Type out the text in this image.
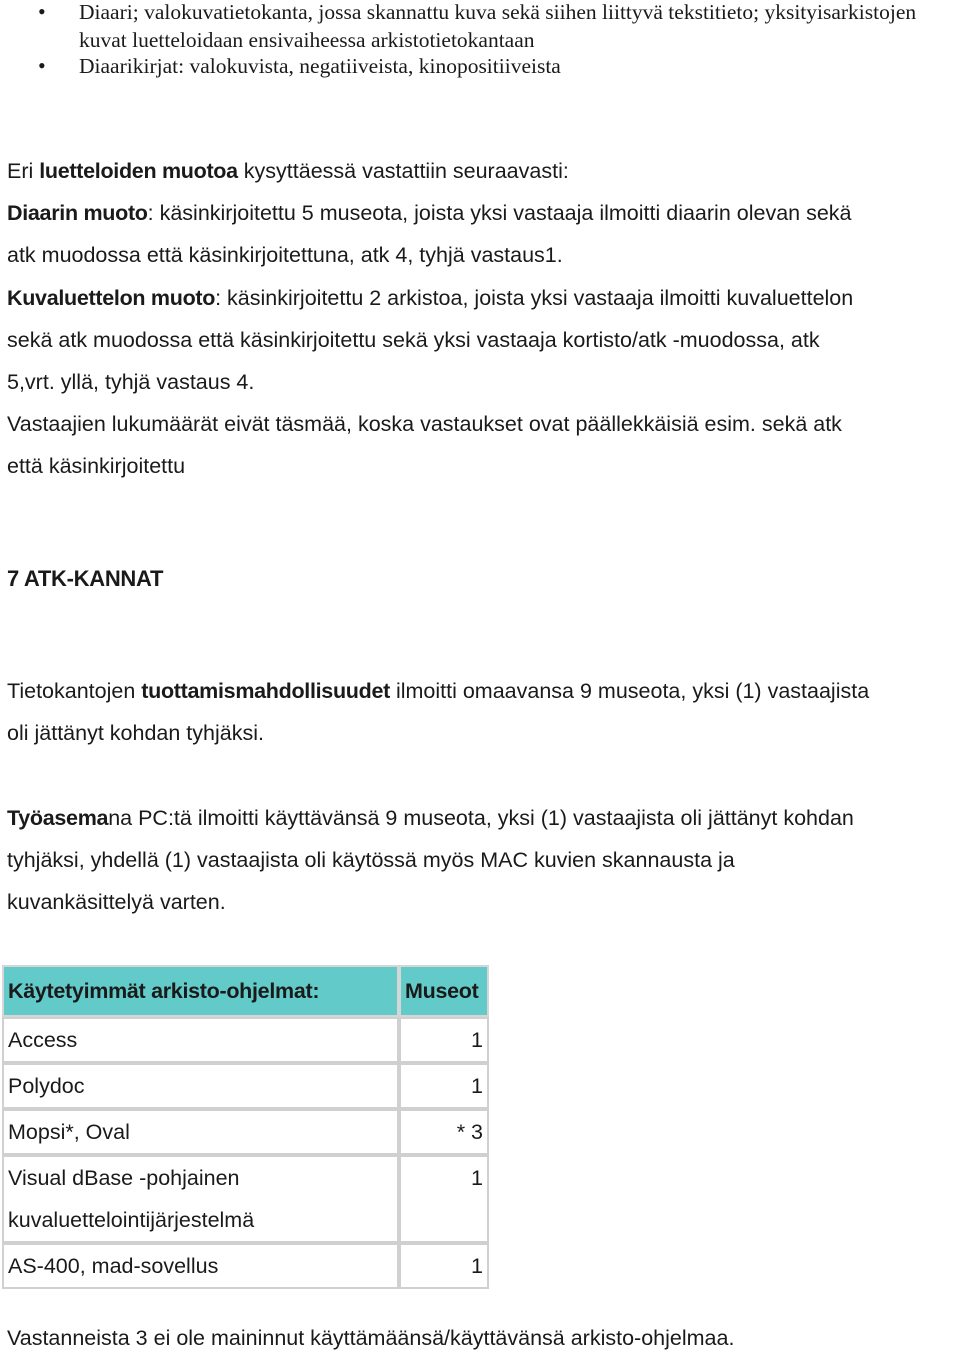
• Diaari; valokuvatietokanta, jossa skannattu kuva sekä siihen liittyvä tekstitieto; yksityisarkistojen kuvat luetteloidaan ensivaiheessa arkistotietokantaan
• Diaarikirjat: valokuvista, negatiiveista, kinopositiiveista

Eri luetteloiden muotoa kysyttäessä vastattiin seuraavasti:

Diaarin muoto: käsinkirjoitettu 5 museota, joista yksi vastaaja ilmoitti diaarin olevan sekä
atk muodossa että käsinkirjoitettuna, atk 4, tyhjä vastaus1.

Kuvaluettelon muoto: käsinkirjoitettu 2 arkistoa, joista yksi vastaaja ilmoitti kuvaluettelon
sekä atk muodossa että käsinkirjoitettu sekä yksi vastaaja kortisto/atk -muodossa, atk
5,vrt. yllä, tyhjä vastaus 4.

Vastaajien lukumäärät eivät täsmää, koska vastaukset ovat päällekkäisiä esim. sekä atk
että käsinkirjoitettu

7 ATK-KANNAT

Tietokantojen tuottamismahdollisuudet ilmoitti omaavansa 9 museota, yksi (1) vastaajista
oli jättänyt kohdan tyhjäksi.

Työasemana PC:tä ilmoitti käyttävänsä 9 museota, yksi (1) vastaajista oli jättänyt kohdan
tyhjäksi, yhdellä (1) vastaajista oli käytössä myös MAC kuvien skannausta ja
kuvankäsittelyä varten.

Käytetyimmät arkisto-ohjelmat:	Museot
Access	1
Polydoc	1
Mopsi*, Oval	* 3
Visual dBase -pohjainen
kuvaluettelointijärjestelmä	1
AS-400, mad-sovellus	1

Vastanneista 3 ei ole maininnut käyttämäänsä/käyttävänsä arkisto-ohjelmaa.
